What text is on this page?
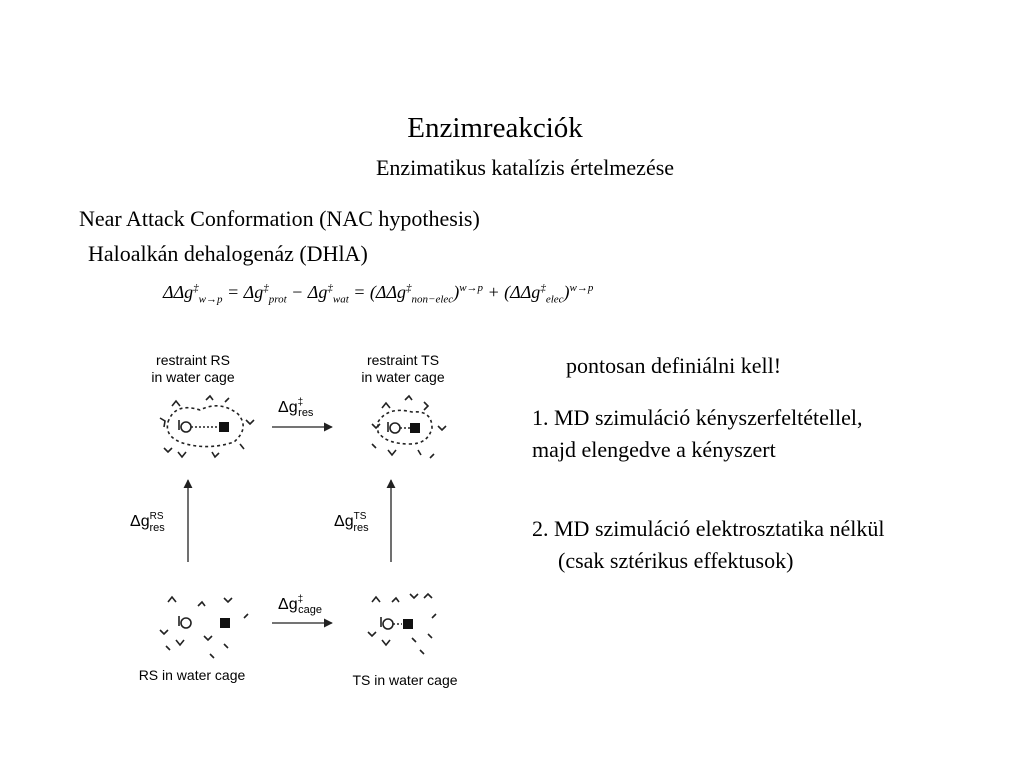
Enzimreakciók
Enzimatikus katalízis értelmezése
Near Attack Conformation (NAC hypothesis)
Haloalkán dehalogenáz (DHlA)
$\Delta\Delta g^\ddagger_{w\to p} = \Delta g^\ddagger_{prot} - \Delta g^\ddagger_{wat} = (\Delta\Delta g^\ddagger_{non-elec})^{w\to p} + (\Delta\Delta g^\ddagger_{elec})^{w\to p}$
pontosan definiálni kell!
1. MD szimuláció kényszerfeltétellel,
majd elengedve a kényszert
2. MD szimuláció elektrosztatika nélkül
(csak sztérikus effektusok)
restraint RS
in water cage
restraint TS
in water cage
RS in water cage	TS in water cage
Δg‡ res
Δg‡ cage
$\Delta g^{RS}$ res	$\Delta g^{TS}$ res
